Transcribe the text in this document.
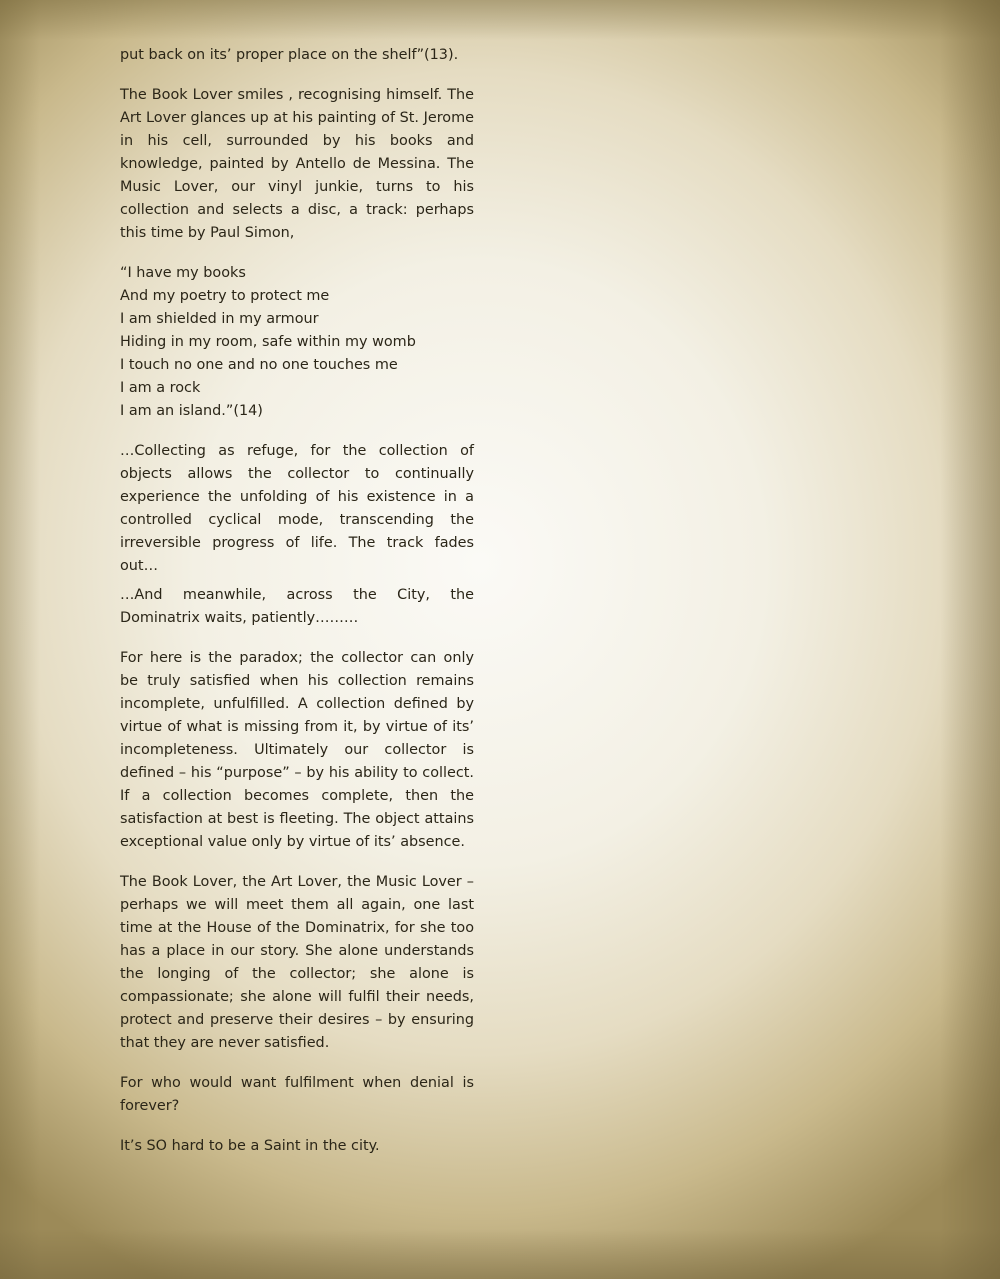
put back on its’ proper place on the shelf”(13).

The Book Lover smiles , recognising himself. The Art Lover glances up at his painting of St. Jerome in his cell, surrounded by his books and knowledge, painted by Antello de Messina. The Music Lover, our vinyl junkie, turns to his collection and selects a disc, a track: perhaps this time by Paul Simon,

“I have my books
And my poetry to protect me
I am shielded in my armour
Hiding in my room, safe within my womb
I touch no one and no one touches me
I am a rock
I am an island.”(14)

…Collecting as refuge, for the collection of objects allows the collector to continually experience the unfolding of his existence in a controlled cyclical mode, transcending the irreversible progress of life. The track fades out…

…And meanwhile, across the City, the Dominatrix waits, patiently………

For here is the paradox; the collector can only be truly satisfied when his collection remains incomplete, unfulfilled. A collection defined by virtue of what is missing from it, by virtue of its’ incompleteness. Ultimately our collector is defined – his “purpose” – by his ability to collect. If a collection becomes complete, then the satisfaction at best is fleeting. The object attains exceptional value only by virtue of its’ absence.

The Book Lover, the Art Lover, the Music Lover – perhaps we will meet them all again, one last time at the House of the Dominatrix, for she too has a place in our story. She alone understands the longing of the collector; she alone is compassionate; she alone will fulfil their needs, protect and preserve their desires – by ensuring that they are never satisfied.

For who would want fulfilment when denial is forever?

It’s SO hard to be a Saint in the city.
